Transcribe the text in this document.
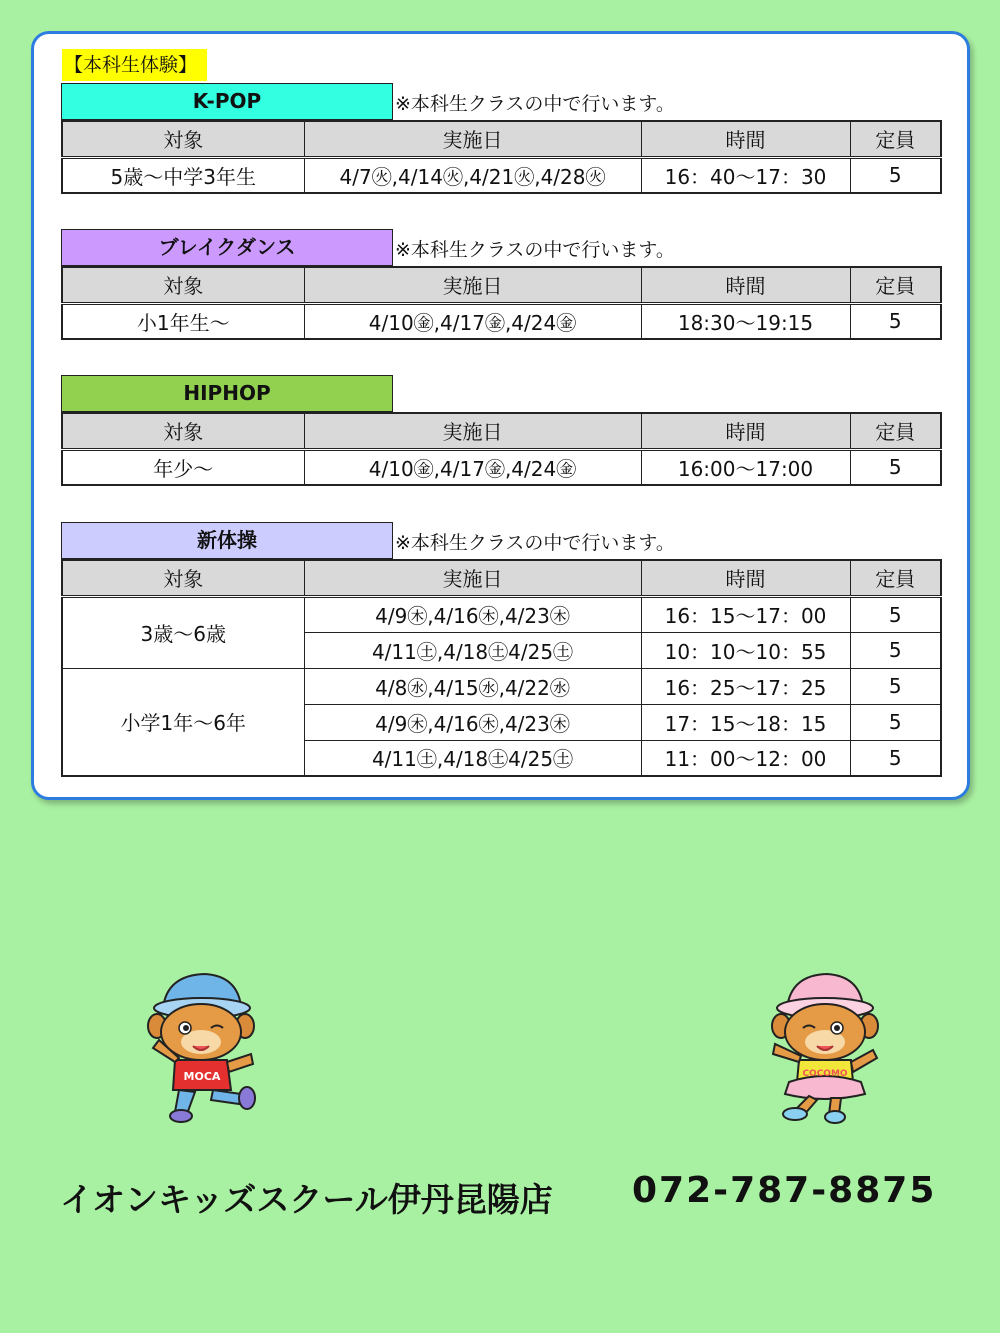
【本科生体験】
K-POP	※本科生クラスの中で行います。
対象	実施日	時間	定員
5歳～中学3年生	4/7㊋,4/14㊋,4/21㊋,4/28㊋	16：40～17：30	5
ブレイクダンス	※本科生クラスの中で行います。
対象	実施日	時間	定員
小1年生～	4/10㊎,4/17㊎,4/24㊎	18:30～19:15	5
HIPHOP
対象	実施日	時間	定員
年少～	4/10㊎,4/17㊎,4/24㊎	16:00～17:00	5
新体操	※本科生クラスの中で行います。
対象	実施日	時間	定員
3歳～6歳	4/9㊍,4/16㊍,4/23㊍	16：15～17：00	5
	4/11㊏,4/18㊏4/25㊏	10：10～10：55	5
小学1年～6年	4/8㊌,4/15㊌,4/22㊌	16：25～17：25	5
	4/9㊍,4/16㊍,4/23㊍	17：15～18：15	5
	4/11㊏,4/18㊏4/25㊏	11：00～12：00	5
MOCA	COCOMO
イオンキッズスクール伊丹昆陽店 072-787-8875
